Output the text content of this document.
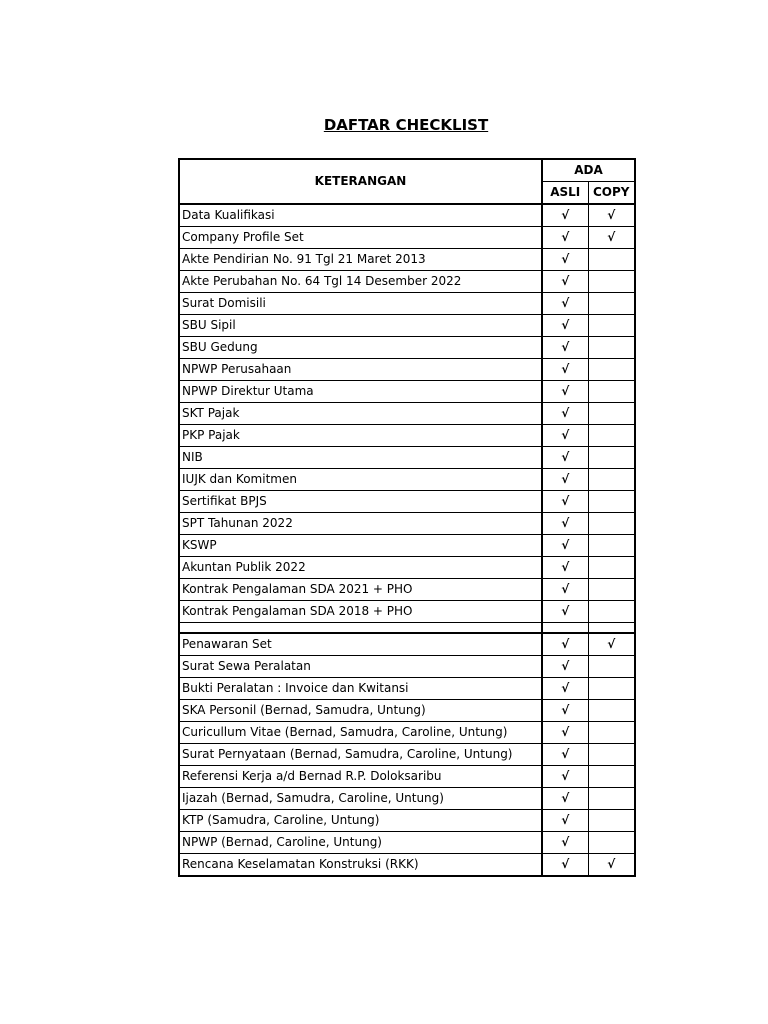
DAFTAR CHECKLIST
KETERANGAN	ADA	
	ASLI	COPY
Data Kualifikasi	√	√
Company Profile Set	√	√
Akte Pendirian No. 91 Tgl 21 Maret 2013	√	
Akte Perubahan No. 64 Tgl 14 Desember 2022	√	
Surat Domisili	√	
SBU Sipil	√	
SBU Gedung	√	
NPWP Perusahaan	√	
NPWP Direktur Utama	√	
SKT Pajak	√	
PKP Pajak	√	
NIB	√	
IUJK dan Komitmen	√	
Sertifikat BPJS	√	
SPT Tahunan 2022	√	
KSWP	√	
Akuntan Publik 2022	√	
Kontrak Pengalaman SDA 2021 + PHO	√	
Kontrak Pengalaman SDA 2018 + PHO	√	

Penawaran Set	√	√
Surat Sewa Peralatan	√	
Bukti Peralatan : Invoice dan Kwitansi	√	
SKA Personil (Bernad, Samudra, Untung)	√	
Curicullum Vitae (Bernad, Samudra, Caroline, Untung)	√	
Surat Pernyataan (Bernad, Samudra, Caroline, Untung)	√	
Referensi Kerja a/d Bernad R.P. Doloksaribu	√	
Ijazah (Bernad, Samudra, Caroline, Untung)	√	
KTP (Samudra, Caroline, Untung)	√	
NPWP (Bernad, Caroline, Untung)	√	
Rencana Keselamatan Konstruksi (RKK)	√	√
